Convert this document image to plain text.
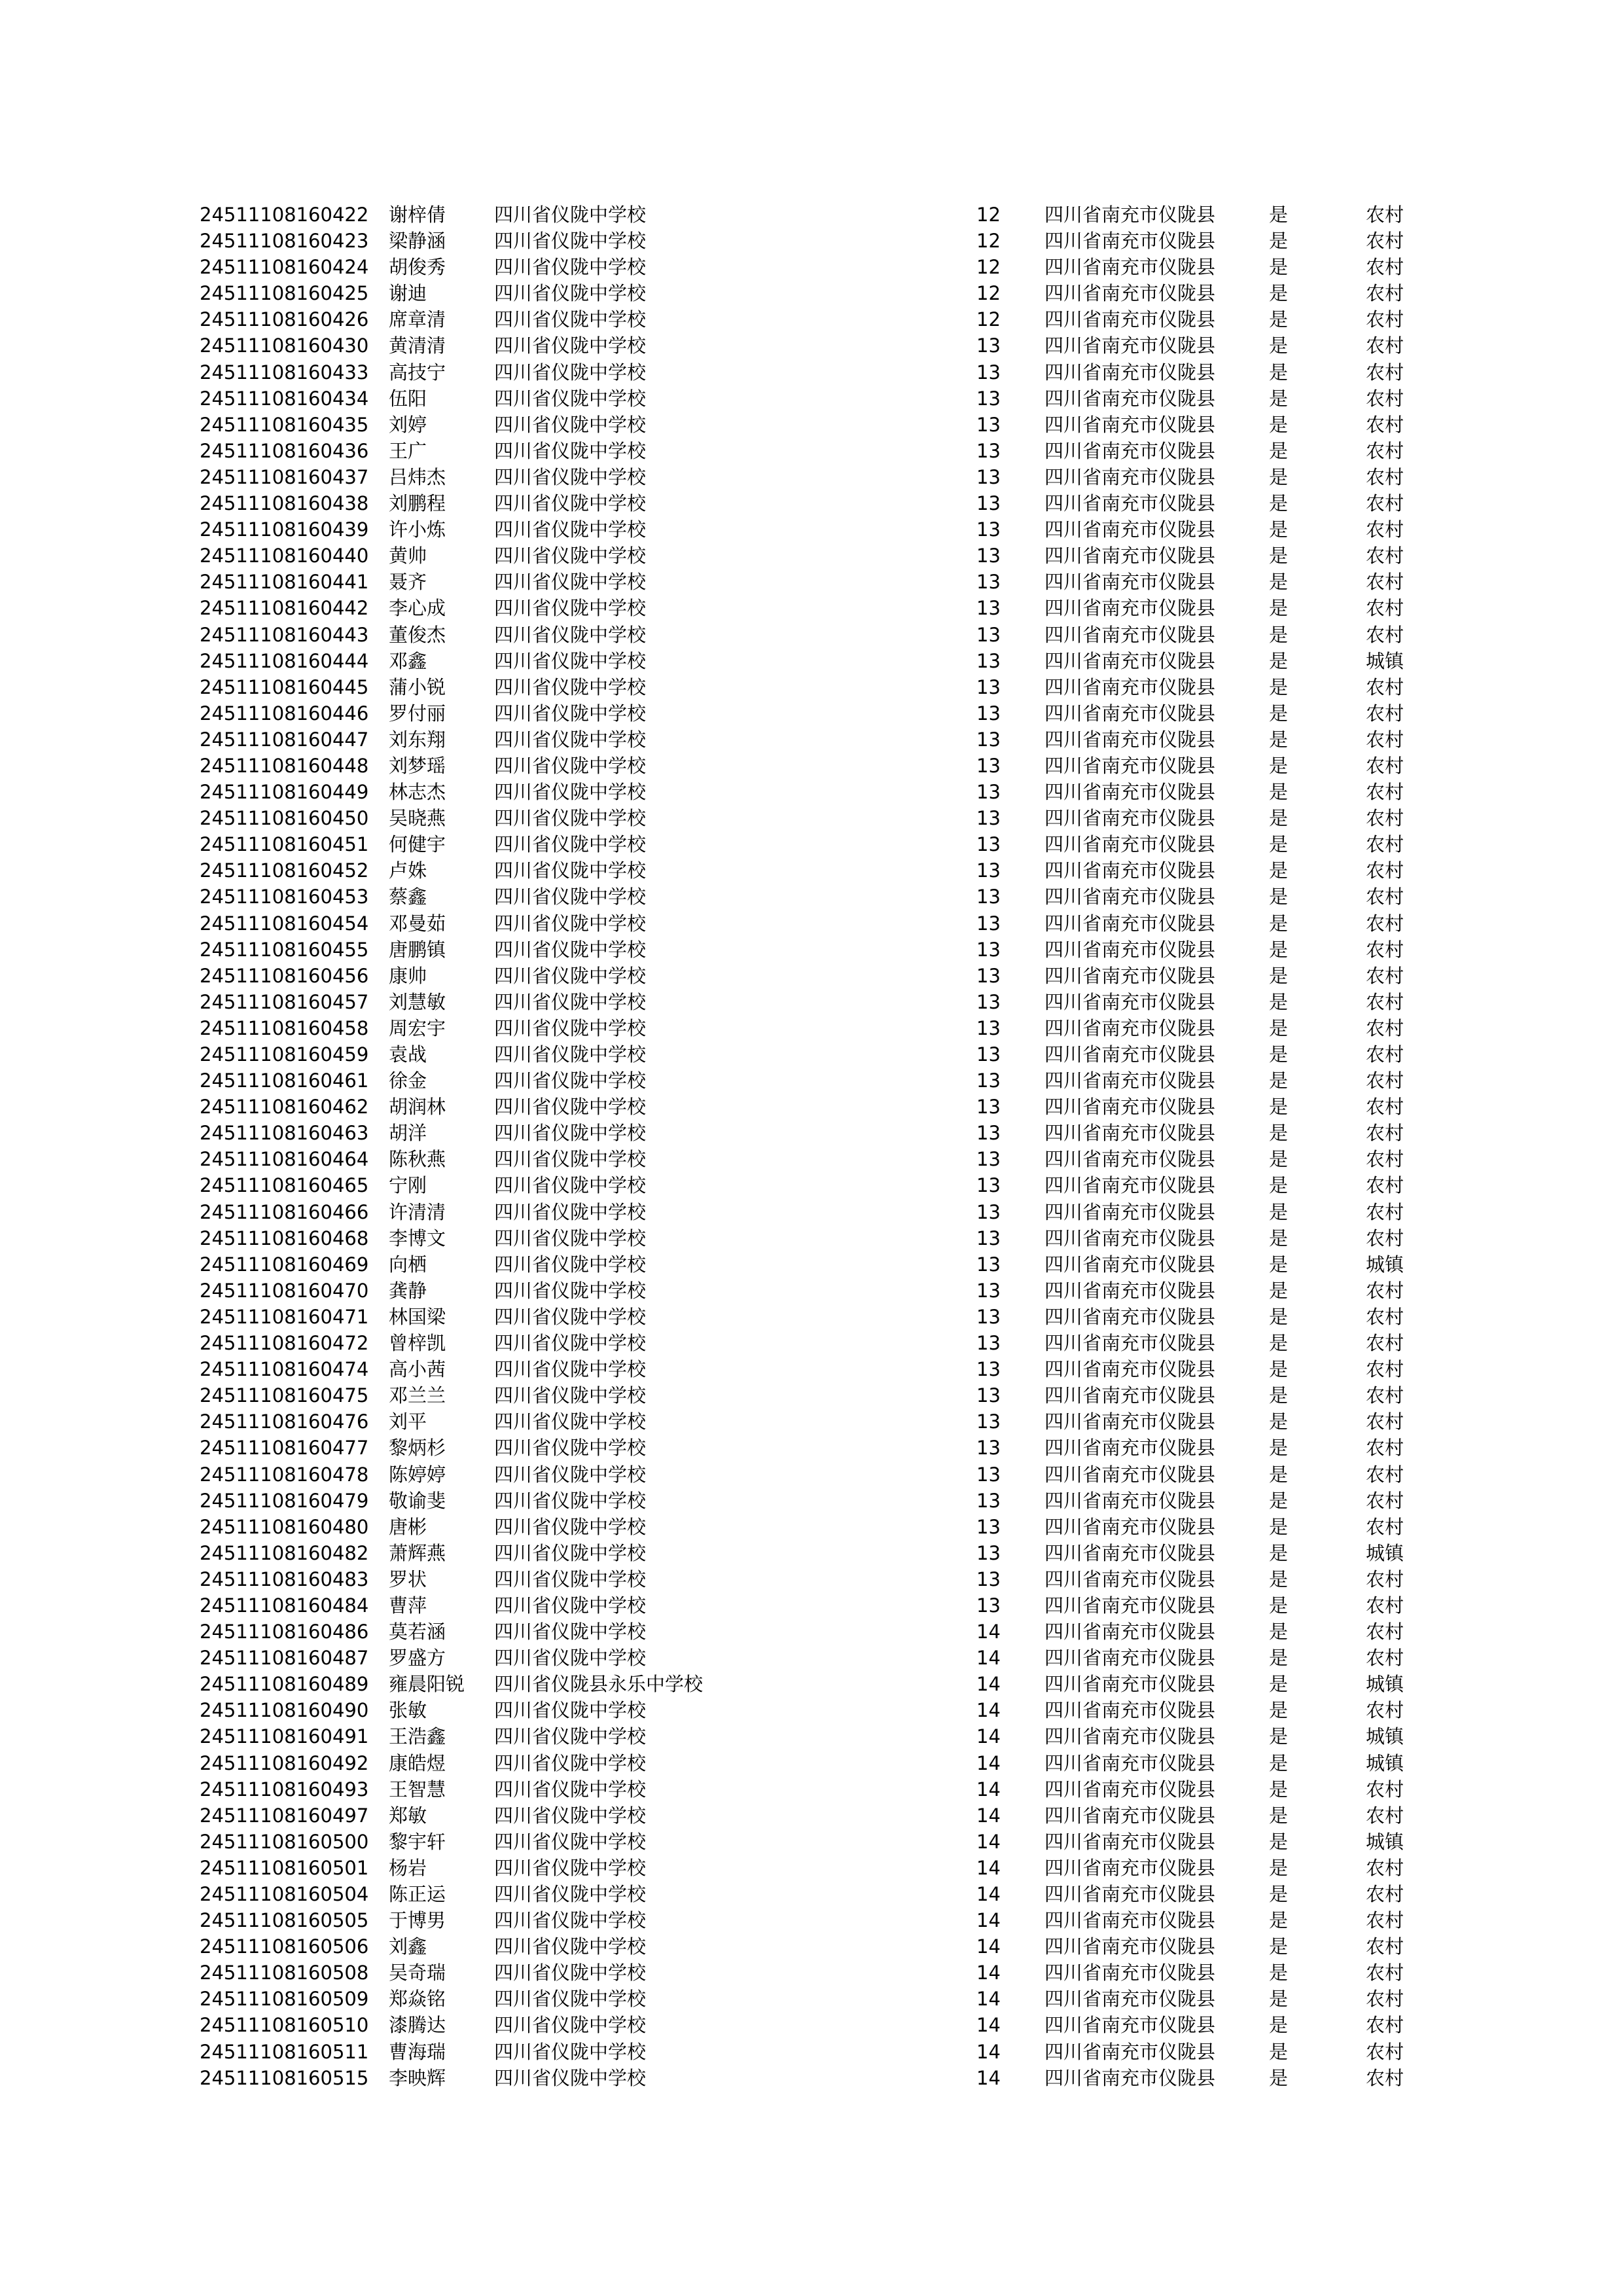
24511108160422 谢梓倩	四川省仪陇中学校	12 四川省南充市仪陇县	是	农村
24511108160423 梁静涵	四川省仪陇中学校	12 四川省南充市仪陇县	是	农村
24511108160424 胡俊秀	四川省仪陇中学校	12 四川省南充市仪陇县	是	农村
24511108160425 谢迪	四川省仪陇中学校	12 四川省南充市仪陇县	是	农村
24511108160426 席章清	四川省仪陇中学校	12 四川省南充市仪陇县	是	农村
24511108160430 黄清清	四川省仪陇中学校	13 四川省南充市仪陇县	是	农村
24511108160433 高技宁	四川省仪陇中学校	13 四川省南充市仪陇县	是	农村
24511108160434 伍阳	四川省仪陇中学校	13 四川省南充市仪陇县	是	农村
24511108160435 刘婷	四川省仪陇中学校	13 四川省南充市仪陇县	是	农村
24511108160436 王广	四川省仪陇中学校	13 四川省南充市仪陇县	是	农村
24511108160437 吕炜杰	四川省仪陇中学校	13 四川省南充市仪陇县	是	农村
24511108160438 刘鹏程	四川省仪陇中学校	13 四川省南充市仪陇县	是	农村
24511108160439 许小炼	四川省仪陇中学校	13 四川省南充市仪陇县	是	农村
24511108160440 黄帅	四川省仪陇中学校	13 四川省南充市仪陇县	是	农村
24511108160441 聂齐	四川省仪陇中学校	13 四川省南充市仪陇县	是	农村
24511108160442 李心成	四川省仪陇中学校	13 四川省南充市仪陇县	是	农村
24511108160443 董俊杰	四川省仪陇中学校	13 四川省南充市仪陇县	是	农村
24511108160444 邓鑫	四川省仪陇中学校	13 四川省南充市仪陇县	是	城镇
24511108160445 蒲小锐	四川省仪陇中学校	13 四川省南充市仪陇县	是	农村
24511108160446 罗付丽	四川省仪陇中学校	13 四川省南充市仪陇县	是	农村
24511108160447 刘东翔	四川省仪陇中学校	13 四川省南充市仪陇县	是	农村
24511108160448 刘梦瑶	四川省仪陇中学校	13 四川省南充市仪陇县	是	农村
24511108160449 林志杰	四川省仪陇中学校	13 四川省南充市仪陇县	是	农村
24511108160450 吴晓燕	四川省仪陇中学校	13 四川省南充市仪陇县	是	农村
24511108160451 何健宇	四川省仪陇中学校	13 四川省南充市仪陇县	是	农村
24511108160452 卢姝	四川省仪陇中学校	13 四川省南充市仪陇县	是	农村
24511108160453 蔡鑫	四川省仪陇中学校	13 四川省南充市仪陇县	是	农村
24511108160454 邓曼茹	四川省仪陇中学校	13 四川省南充市仪陇县	是	农村
24511108160455 唐鹏镇	四川省仪陇中学校	13 四川省南充市仪陇县	是	农村
24511108160456 康帅	四川省仪陇中学校	13 四川省南充市仪陇县	是	农村
24511108160457 刘慧敏	四川省仪陇中学校	13 四川省南充市仪陇县	是	农村
24511108160458 周宏宇	四川省仪陇中学校	13 四川省南充市仪陇县	是	农村
24511108160459 袁战	四川省仪陇中学校	13 四川省南充市仪陇县	是	农村
24511108160461 徐金	四川省仪陇中学校	13 四川省南充市仪陇县	是	农村
24511108160462 胡润林	四川省仪陇中学校	13 四川省南充市仪陇县	是	农村
24511108160463 胡洋	四川省仪陇中学校	13 四川省南充市仪陇县	是	农村
24511108160464 陈秋燕	四川省仪陇中学校	13 四川省南充市仪陇县	是	农村
24511108160465 宁刚	四川省仪陇中学校	13 四川省南充市仪陇县	是	农村
24511108160466 许清清	四川省仪陇中学校	13 四川省南充市仪陇县	是	农村
24511108160468 李博文	四川省仪陇中学校	13 四川省南充市仪陇县	是	农村
24511108160469 向栖	四川省仪陇中学校	13 四川省南充市仪陇县	是	城镇
24511108160470 龚静	四川省仪陇中学校	13 四川省南充市仪陇县	是	农村
24511108160471 林国梁	四川省仪陇中学校	13 四川省南充市仪陇县	是	农村
24511108160472 曾梓凯	四川省仪陇中学校	13 四川省南充市仪陇县	是	农村
24511108160474 高小茜	四川省仪陇中学校	13 四川省南充市仪陇县	是	农村
24511108160475 邓兰兰	四川省仪陇中学校	13 四川省南充市仪陇县	是	农村
24511108160476 刘平	四川省仪陇中学校	13 四川省南充市仪陇县	是	农村
24511108160477 黎炳杉	四川省仪陇中学校	13 四川省南充市仪陇县	是	农村
24511108160478 陈婷婷	四川省仪陇中学校	13 四川省南充市仪陇县	是	农村
24511108160479 敬谕斐	四川省仪陇中学校	13 四川省南充市仪陇县	是	农村
24511108160480 唐彬	四川省仪陇中学校	13 四川省南充市仪陇县	是	农村
24511108160482 萧辉燕	四川省仪陇中学校	13 四川省南充市仪陇县	是	城镇
24511108160483 罗状	四川省仪陇中学校	13 四川省南充市仪陇县	是	农村
24511108160484 曹萍	四川省仪陇中学校	13 四川省南充市仪陇县	是	农村
24511108160486 莫若涵	四川省仪陇中学校	14 四川省南充市仪陇县	是	农村
24511108160487 罗盛方	四川省仪陇中学校	14 四川省南充市仪陇县	是	农村
24511108160489 雍晨阳锐 四川省仪陇县永乐中学校	14 四川省南充市仪陇县	是	城镇
24511108160490 张敏	四川省仪陇中学校	14 四川省南充市仪陇县	是	农村
24511108160491 王浩鑫	四川省仪陇中学校	14 四川省南充市仪陇县	是	城镇
24511108160492 康皓煜	四川省仪陇中学校	14 四川省南充市仪陇县	是	城镇
24511108160493 王智慧	四川省仪陇中学校	14 四川省南充市仪陇县	是	农村
24511108160497 郑敏	四川省仪陇中学校	14 四川省南充市仪陇县	是	农村
24511108160500 黎宇轩	四川省仪陇中学校	14 四川省南充市仪陇县	是	城镇
24511108160501 杨岩	四川省仪陇中学校	14 四川省南充市仪陇县	是	农村
24511108160504 陈正运	四川省仪陇中学校	14 四川省南充市仪陇县	是	农村
24511108160505 于博男	四川省仪陇中学校	14 四川省南充市仪陇县	是	农村
24511108160506 刘鑫	四川省仪陇中学校	14 四川省南充市仪陇县	是	农村
24511108160508 吴奇瑞	四川省仪陇中学校	14 四川省南充市仪陇县	是	农村
24511108160509 郑焱铭	四川省仪陇中学校	14 四川省南充市仪陇县	是	农村
24511108160510 漆腾达	四川省仪陇中学校	14 四川省南充市仪陇县	是	农村
24511108160511 曹海瑞	四川省仪陇中学校	14 四川省南充市仪陇县	是	农村
24511108160515 李映辉	四川省仪陇中学校	14 四川省南充市仪陇县	是	农村
